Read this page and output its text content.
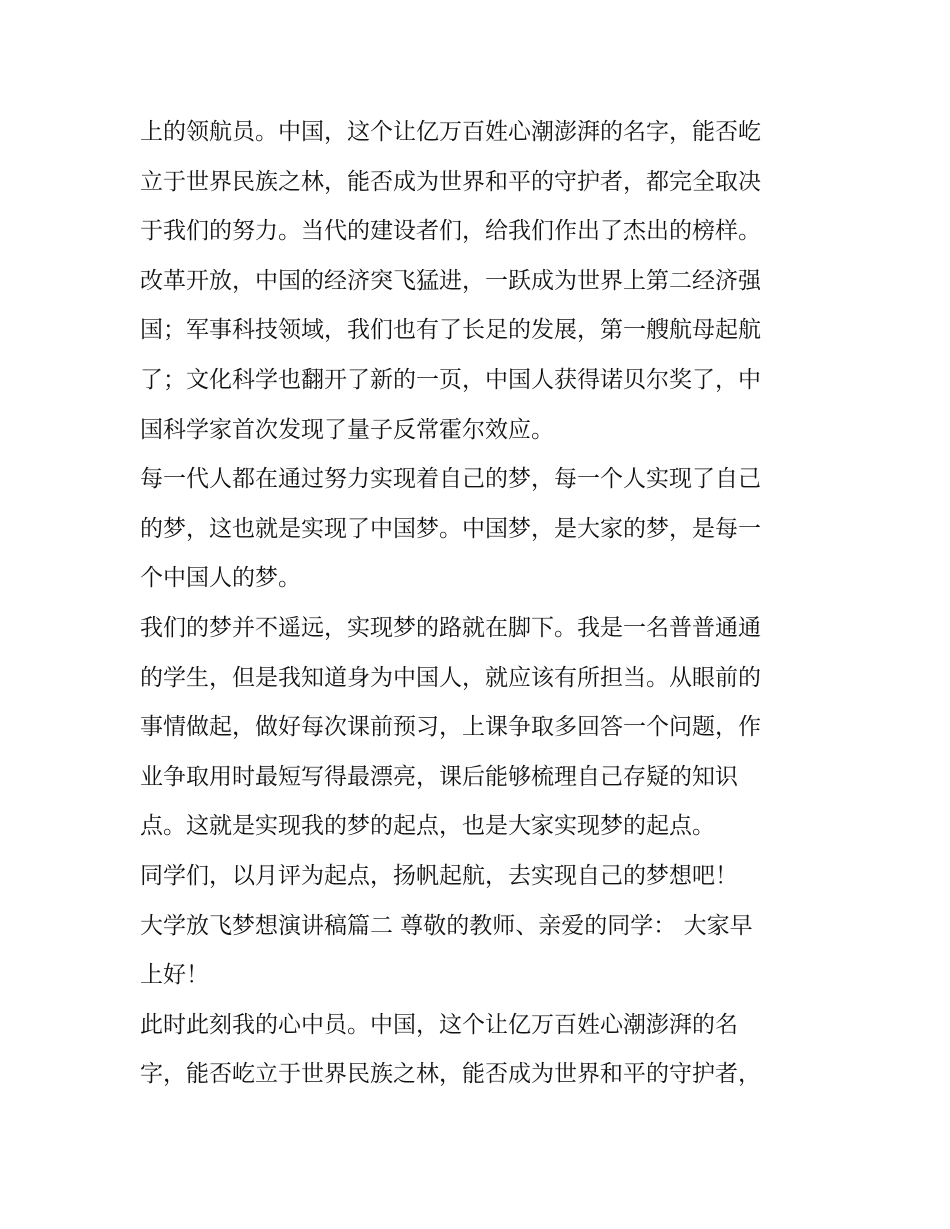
上的领航员。中国，这个让亿万百姓心潮澎湃的名字，能否屹
立于世界民族之林，能否成为世界和平的守护者，都完全取决
于我们的努力。当代的建设者们，给我们作出了杰出的榜样。
改革开放，中国的经济突飞猛进，一跃成为世界上第二经济强
国；军事科技领域，我们也有了长足的发展，第一艘航母起航
了；文化科学也翻开了新的一页，中国人获得诺贝尔奖了，中
国科学家首次发现了量子反常霍尔效应。
每一代人都在通过努力实现着自己的梦，每一个人实现了自己
的梦，这也就是实现了中国梦。中国梦，是大家的梦，是每一
个中国人的梦。
我们的梦并不遥远，实现梦的路就在脚下。我是一名普普通通
的学生，但是我知道身为中国人，就应该有所担当。从眼前的
事情做起，做好每次课前预习，上课争取多回答一个问题，作
业争取用时最短写得最漂亮，课后能够梳理自己存疑的知识
点。这就是实现我的梦的起点，也是大家实现梦的起点。
同学们，以月评为起点，扬帆起航，去实现自己的梦想吧！
大学放飞梦想演讲稿篇二 尊敬的教师、亲爱的同学： 大家早
上好！
此时此刻我的心中员。中国，这个让亿万百姓心潮澎湃的名
字，能否屹立于世界民族之林，能否成为世界和平的守护者，
